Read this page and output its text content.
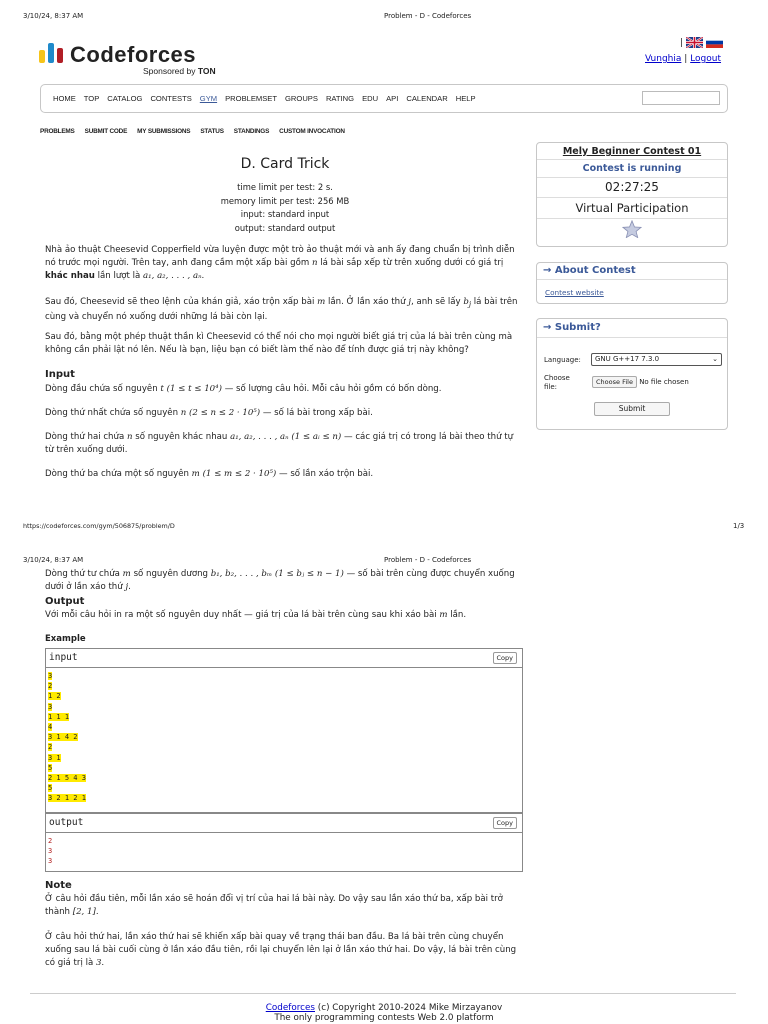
3/10/24, 8:37 AM	Problem - D - Codeforces
Codeforces
Sponsored by TON
|
Vunghia | Logout
HOME TOP CATALOG CONTESTS GYM PROBLEMSET GROUPS RATING EDU API CALENDAR HELP
PROBLEMS SUBMIT CODE MY SUBMISSIONS STATUS STANDINGS CUSTOM INVOCATION
D. Card Trick
time limit per test: 2 s.
memory limit per test: 256 MB
input: standard input
output: standard output
Nhà ảo thuật Cheesevid Copperfield vừa luyện được một trò ảo thuật mới và anh ấy đang chuẩn bị trình diễn nó trước mọi người. Trên tay, anh đang cầm một xấp bài gồm n lá bài sắp xếp từ trên xuống dưới có giá trị khác nhau lần lượt là a₁, a₂, . . . , aₙ.
Sau đó, Cheesevid sẽ theo lệnh của khán giả, xáo trộn xấp bài m lần. Ở lần xáo thứ j, anh sẽ lấy $b_j$ lá bài trên cùng và chuyển nó xuống dưới những lá bài còn lại.
Sau đó, bằng một phép thuật thần kì Cheesevid có thể nói cho mọi người biết giá trị của lá bài trên cùng mà không cần phải lật nó lên. Nếu là bạn, liệu bạn có biết làm thế nào để tính được giá trị này không?
Input
Dòng đầu chứa số nguyên t (1 ≤ t ≤ 10⁴) — số lượng câu hỏi. Mỗi câu hỏi gồm có bốn dòng.
Dòng thứ nhất chứa số nguyên n (2 ≤ n ≤ 2 · 10⁵) — số lá bài trong xấp bài.
Dòng thứ hai chứa n số nguyên khác nhau a₁, a₂, . . . , aₙ (1 ≤ aᵢ ≤ n) — các giá trị có trong lá bài theo thứ tự từ trên xuống dưới.
Dòng thứ ba chứa một số nguyên m (1 ≤ m ≤ 2 · 10⁵) — số lần xáo trộn bài.
Mely Beginner Contest 01
Contest is running
02:27:25
Virtual Participation
→ About Contest
Contest website
→ Submit?
Language:	GNU G++17 7.3.0	⌄
Choose file:
Choose File No file chosen
Submit
https://codeforces.com/gym/506875/problem/D	1/3
3/10/24, 8:37 AM	Problem - D - Codeforces
Dòng thứ tư chứa m số nguyên dương b₁, b₂, . . . , bₘ (1 ≤ bⱼ ≤ n − 1) — số bài trên cùng được chuyển xuống dưới ở lần xáo thứ j.
Output
Với mỗi câu hỏi in ra một số nguyên duy nhất — giá trị của lá bài trên cùng sau khi xáo bài m lần.
Example
input	Copy
3
2
1 2
3
1 1 1
4
3 1 4 2
2
3 1
5
2 1 5 4 3
5
3 2 1 2 1
output	Copy
2
3
3
Note
Ở câu hỏi đầu tiên, mỗi lần xáo sẽ hoán đổi vị trí của hai lá bài này. Do vậy sau lần xáo thứ ba, xấp bài trở thành [2, 1].
Ở câu hỏi thứ hai, lần xáo thứ hai sẽ khiến xấp bài quay về trạng thái ban đầu. Ba lá bài trên cùng chuyển xuống sau lá bài cuối cùng ở lần xáo đầu tiên, rồi lại chuyển lên lại ở lần xáo thứ hai. Do vậy, lá bài trên cùng có giá trị là 3.
Codeforces (c) Copyright 2010-2024 Mike Mirzayanov
The only programming contests Web 2.0 platform
